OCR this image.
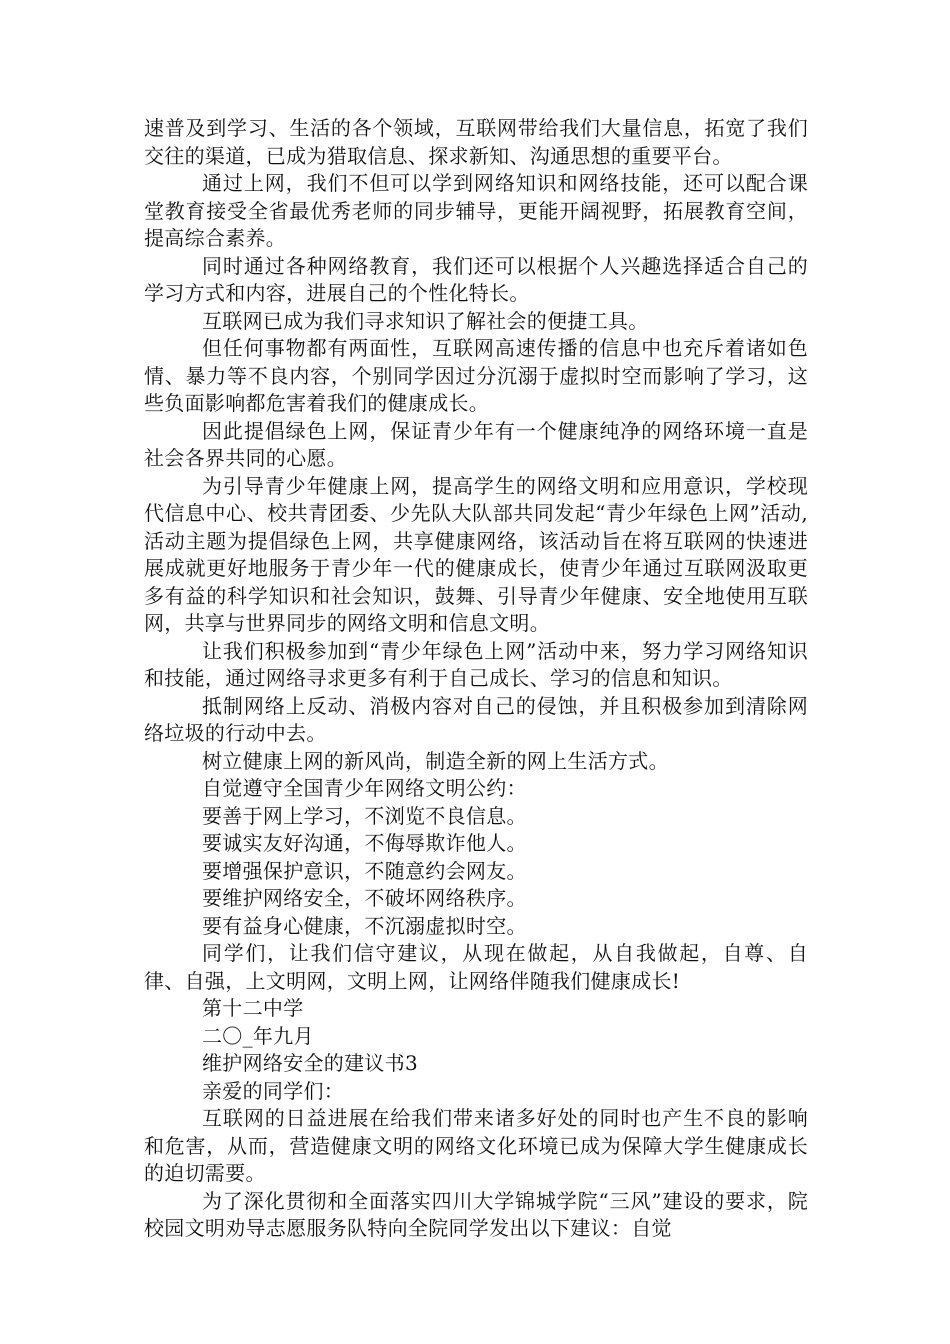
速普及到学习、生活的各个领域，互联网带给我们大量信息，拓宽了我们交往的渠道，已成为猎取信息、探求新知、沟通思想的重要平台。

通过上网，我们不但可以学到网络知识和网络技能，还可以配合课堂教育接受全省最优秀老师的同步辅导，更能开阔视野，拓展教育空间，提高综合素养。

同时通过各种网络教育，我们还可以根据个人兴趣选择适合自己的学习方式和内容，进展自己的个性化特长。

互联网已成为我们寻求知识了解社会的便捷工具。

但任何事物都有两面性，互联网高速传播的信息中也充斥着诸如色情、暴力等不良内容，个别同学因过分沉溺于虚拟时空而影响了学习，这些负面影响都危害着我们的健康成长。

因此提倡绿色上网，保证青少年有一个健康纯净的网络环境一直是社会各界共同的心愿。

为引导青少年健康上网，提高学生的网络文明和应用意识，学校现代信息中心、校共青团委、少先队大队部共同发起“青少年绿色上网”活动,活动主题为提倡绿色上网，共享健康网络，该活动旨在将互联网的快速进展成就更好地服务于青少年一代的健康成长，使青少年通过互联网汲取更多有益的科学知识和社会知识，鼓舞、引导青少年健康、安全地使用互联网，共享与世界同步的网络文明和信息文明。

让我们积极参加到“青少年绿色上网”活动中来，努力学习网络知识和技能，通过网络寻求更多有利于自己成长、学习的信息和知识。

抵制网络上反动、消极内容对自己的侵蚀，并且积极参加到清除网络垃圾的行动中去。

树立健康上网的新风尚，制造全新的网上生活方式。

自觉遵守全国青少年网络文明公约：

要善于网上学习，不浏览不良信息。

要诚实友好沟通，不侮辱欺诈他人。

要增强保护意识，不随意约会网友。

要维护网络安全，不破坏网络秩序。

要有益身心健康，不沉溺虚拟时空。

同学们，让我们信守建议，从现在做起，从自我做起，自尊、自律、自强，上文明网，文明上网，让网络伴随我们健康成长!

第十二中学

二〇_年九月

维护网络安全的建议书3

亲爱的同学们：

互联网的日益进展在给我们带来诸多好处的同时也产生不良的影响和危害，从而，营造健康文明的网络文化环境已成为保障大学生健康成长的迫切需要。

为了深化贯彻和全面落实四川大学锦城学院“三风”建设的要求，院校园文明劝导志愿服务队特向全院同学发出以下建议：自觉
